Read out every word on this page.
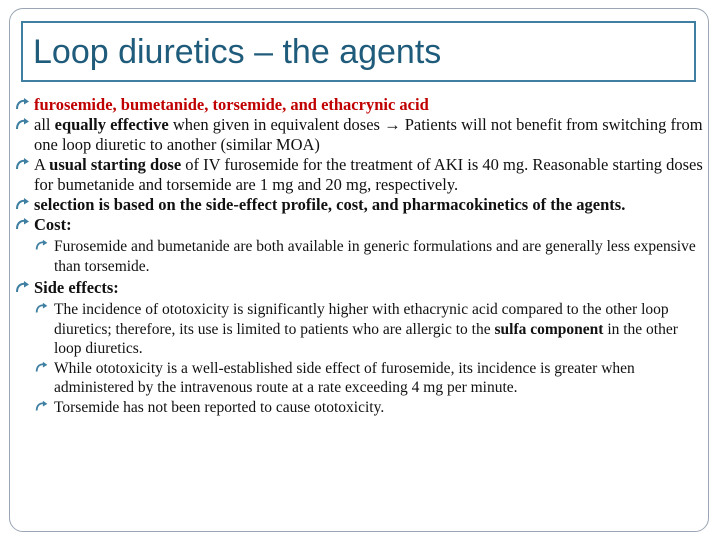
Loop diuretics – the agents
furosemide, bumetanide, torsemide, and ethacrynic acid
all equally effective when given in equivalent doses → Patients will not benefit from switching from one loop diuretic to another (similar MOA)
A usual starting dose of IV furosemide for the treatment of AKI is 40 mg. Reasonable starting doses for bumetanide and torsemide are 1 mg and 20 mg, respectively.
selection is based on the side-effect profile, cost, and pharmacokinetics of the agents.
Cost:
Furosemide and bumetanide are both available in generic formulations and are generally less expensive than torsemide.
Side effects:
The incidence of ototoxicity is significantly higher with ethacrynic acid compared to the other loop diuretics; therefore, its use is limited to patients who are allergic to the sulfa component in the other loop diuretics.
While ototoxicity is a well-established side effect of furosemide, its incidence is greater when administered by the intravenous route at a rate exceeding 4 mg per minute.
Torsemide has not been reported to cause ototoxicity.
